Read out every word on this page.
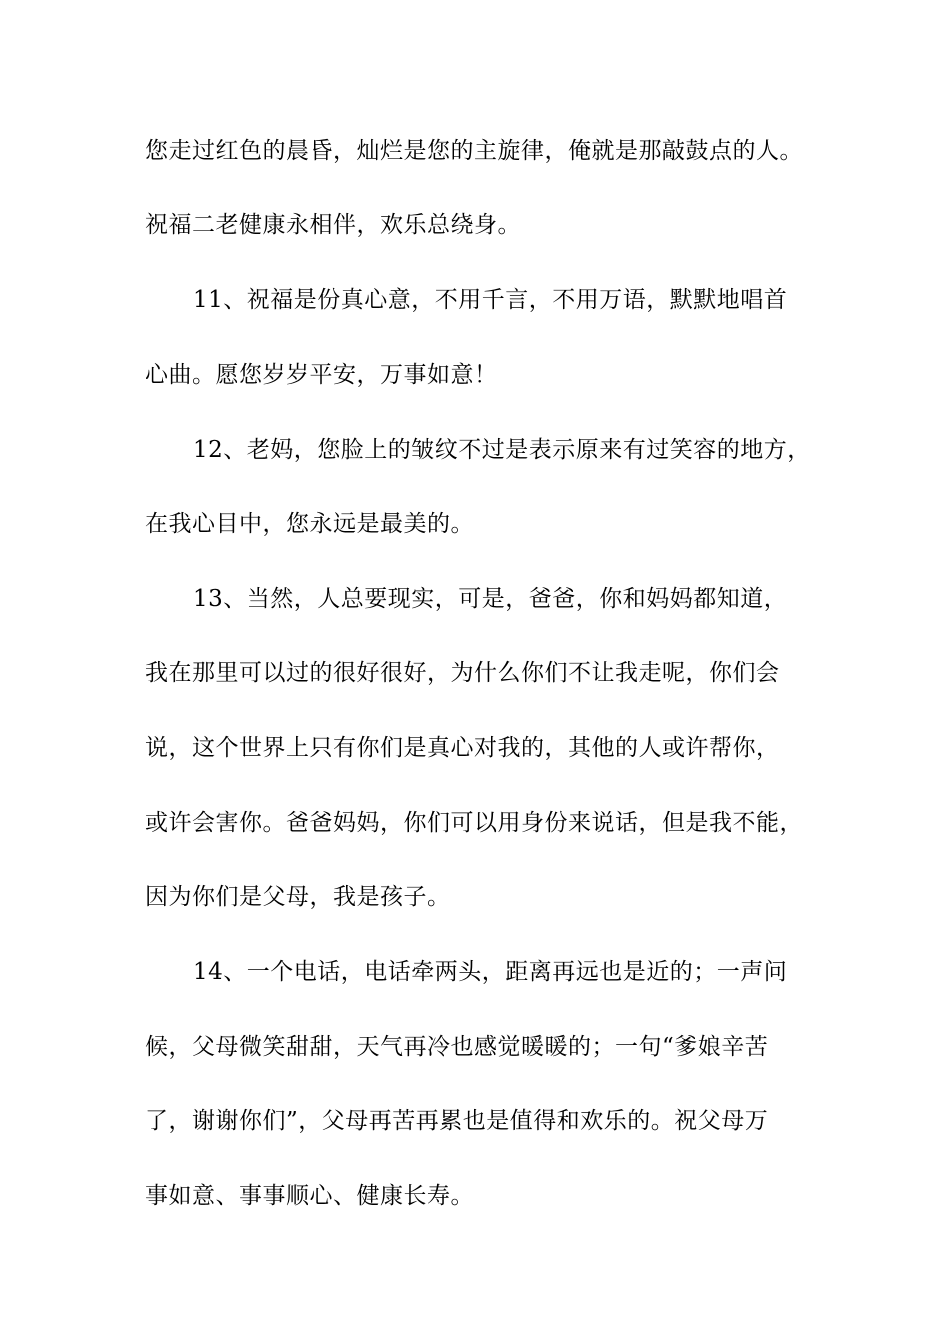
您走过红色的晨昏，灿烂是您的主旋律，俺就是那敲鼓点的人。
祝福二老健康永相伴，欢乐总绕身。
11、祝福是份真心意，不用千言，不用万语，默默地唱首
心曲。愿您岁岁平安，万事如意！
12、老妈，您脸上的皱纹不过是表示原来有过笑容的地方，
在我心目中，您永远是最美的。
13、当然，人总要现实，可是，爸爸，你和妈妈都知道，
我在那里可以过的很好很好，为什么你们不让我走呢，你们会
说，这个世界上只有你们是真心对我的，其他的人或许帮你，
或许会害你。爸爸妈妈，你们可以用身份来说话，但是我不能，
因为你们是父母，我是孩子。
14、一个电话，电话牵两头，距离再远也是近的；一声问
候，父母微笑甜甜，天气再冷也感觉暖暖的；一句“爹娘辛苦
了，谢谢你们”，父母再苦再累也是值得和欢乐的。祝父母万
事如意、事事顺心、健康长寿。
